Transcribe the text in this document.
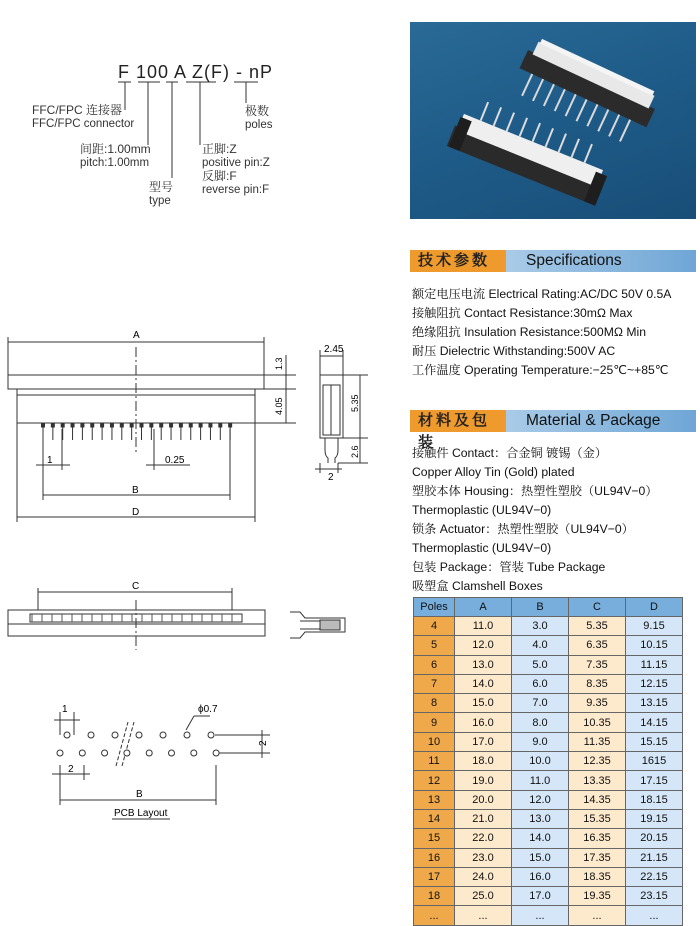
F 100 A Z(F) - nP
FFC/FPC 连接器
FFC/FPC connector
间距:1.00mm
pitch:1.00mm
型号
type
正脚:Z
positive pin:Z
反脚:F
reverse pin:F
极数
poles
技术参数	Specifications
额定电压电流 Electrical Rating:AC/DC 50V 0.5A
接触阻抗 Contact Resistance:30mΩ Max
绝缘阻抗 Insulation Resistance:500MΩ Min
耐压 Dielectric Withstanding:500V AC
工作温度 Operating Temperature:−25℃~+85℃
材料及包装
Material & Package
接触件 Contact：合金铜 镀锡（金）
Copper Alloy Tin (Gold) plated
塑胶本体 Housing：热塑性塑胶（UL94V−0）
Thermoplastic (UL94V−0)
锁条 Actuator：热塑性塑胶（UL94V−0）
Thermoplastic (UL94V−0)
包装 Package：管装 Tube Package
吸塑盒 Clamshell Boxes
Poles	A	B	C	D
4	11.0	3.0	5.35	9.15
5	12.0	4.0	6.35	10.15
6	13.0	5.0	7.35	11.15
7	14.0	6.0	8.35	12.15
8	15.0	7.0	9.35	13.15
9	16.0	8.0	10.35	14.15
10	17.0	9.0	11.35	15.15
11	18.0	10.0	12.35	1615
12	19.0	11.0	13.35	17.15
13	20.0	12.0	14.35	18.15
14	21.0	13.0	15.35	19.15
15	22.0	14.0	16.35	20.15
16	23.0	15.0	17.35	21.15
17	24.0	16.0	18.35	22.15
18	25.0	17.0	19.35	23.15
...	...	...	...	...
A
1	0.25
B
D
1.3
4.05
2.45
5.35
2.6
2
C
ϕ0.7
1
2
2
B
PCB Layout
